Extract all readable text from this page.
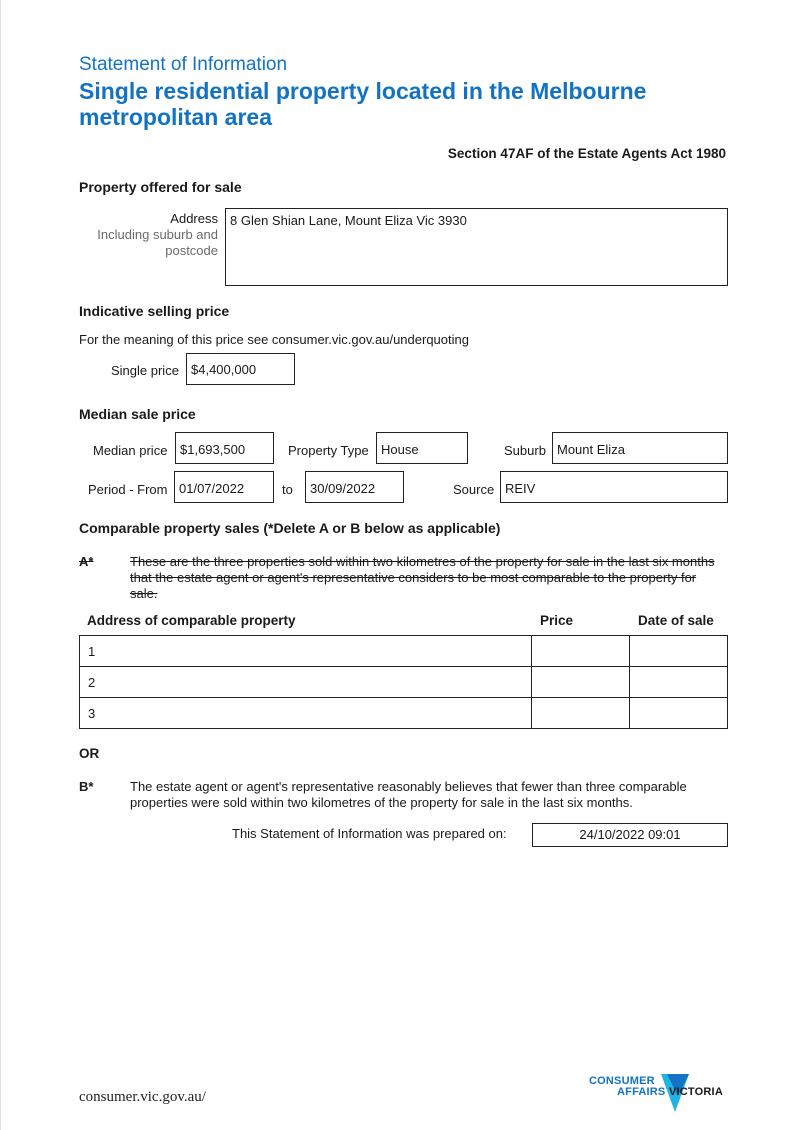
Statement of Information
Single residential property located in the Melbourne metropolitan area
Section 47AF of the Estate Agents Act 1980
Property offered for sale
Address
Including suburb and
postcode
8 Glen Shian Lane, Mount Eliza Vic 3930
Indicative selling price
For the meaning of this price see consumer.vic.gov.au/underquoting
Single price $4,400,000
Median sale price
Median price $1,693,500	Property Type House	Suburb Mount Eliza
Period - From 01/07/2022	to	30/09/2022	Source REIV
Comparable property sales (*Delete A or B below as applicable)
A*	These are the three properties sold within two kilometres of the property for sale in the last six months that the estate agent or agent's representative considers to be most comparable to the property for sale.
Address of comparable property	Price	Date of sale
1		
2		
3		
OR
B*	The estate agent or agent's representative reasonably believes that fewer than three comparable properties were sold within two kilometres of the property for sale in the last six months.
This Statement of Information was prepared on:	24/10/2022 09:01
consumer.vic.gov.au/
CONSUMER
AFFAIRS VICTORIA
